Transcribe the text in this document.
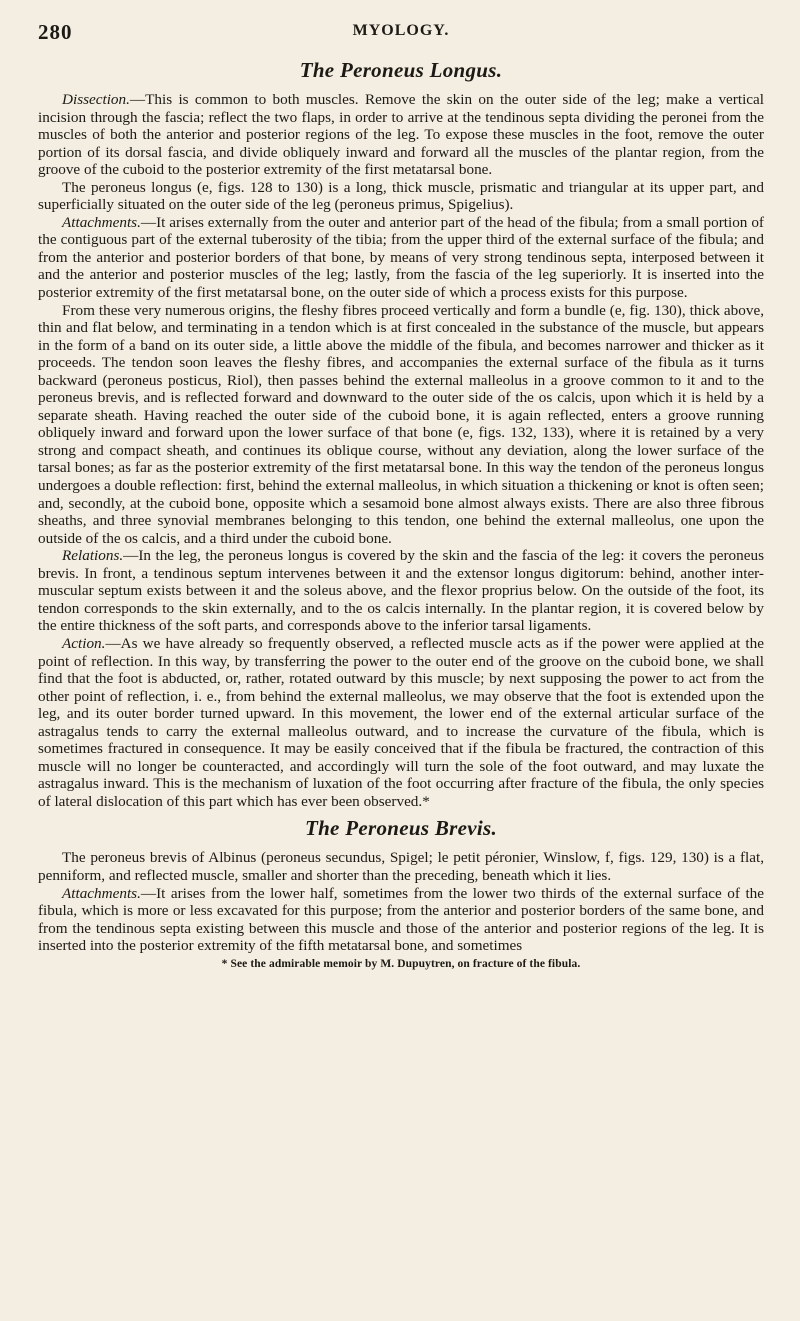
280	MYOLOGY.
The Peroneus Longus.

Dissection.—This is common to both muscles. Remove the skin on the outer side of the leg; make a vertical incision through the fascia; reflect the two flaps, in order to arrive at the tendinous septa dividing the peronei from the muscles of both the anterior and posterior regions of the leg. To expose these muscles in the foot, remove the outer portion of its dorsal fascia, and divide obliquely inward and forward all the muscles of the plantar region, from the groove of the cuboid to the posterior extremity of the first metatarsal bone.

The peroneus longus (e, figs. 128 to 130) is a long, thick muscle, prismatic and triangular at its upper part, and superficially situated on the outer side of the leg (peroneus primus, Spigelius).

Attachments.—It arises externally from the outer and anterior part of the head of the fibula; from a small portion of the contiguous part of the external tuberosity of the tibia; from the upper third of the external surface of the fibula; and from the anterior and posterior borders of that bone, by means of very strong tendinous septa, interposed between it and the anterior and posterior muscles of the leg; lastly, from the fascia of the leg superiorly. It is inserted into the posterior extremity of the first metatarsal bone, on the outer side of which a process exists for this purpose.

From these very numerous origins, the fleshy fibres proceed vertically and form a bundle (e, fig. 130), thick above, thin and flat below, and terminating in a tendon which is at first concealed in the substance of the muscle, but appears in the form of a band on its outer side, a little above the middle of the fibula, and becomes narrower and thicker as it proceeds. The tendon soon leaves the fleshy fibres, and accompanies the external surface of the fibula as it turns backward (peroneus posticus, Riol), then passes behind the external malleolus in a groove common to it and to the peroneus brevis, and is reflected forward and downward to the outer side of the os calcis, upon which it is held by a separate sheath. Having reached the outer side of the cuboid bone, it is again reflected, enters a groove running obliquely inward and forward upon the lower surface of that bone (e, figs. 132, 133), where it is retained by a very strong and compact sheath, and continues its oblique course, without any deviation, along the lower surface of the tarsal bones; as far as the posterior extremity of the first metatarsal bone. In this way the tendon of the peroneus longus undergoes a double reflection: first, behind the external malleolus, in which situation a thickening or knot is often seen; and, secondly, at the cuboid bone, opposite which a sesamoid bone almost always exists. There are also three fibrous sheaths, and three synovial membranes belonging to this tendon, one behind the external malleolus, one upon the outside of the os calcis, and a third under the cuboid bone.

Relations.—In the leg, the peroneus longus is covered by the skin and the fascia of the leg: it covers the peroneus brevis. In front, a tendinous septum intervenes between it and the extensor longus digitorum: behind, another inter-muscular septum exists between it and the soleus above, and the flexor proprius below. On the outside of the foot, its tendon corresponds to the skin externally, and to the os calcis internally. In the plantar region, it is covered below by the entire thickness of the soft parts, and corresponds above to the inferior tarsal ligaments.

Action.—As we have already so frequently observed, a reflected muscle acts as if the power were applied at the point of reflection. In this way, by transferring the power to the outer end of the groove on the cuboid bone, we shall find that the foot is abducted, or, rather, rotated outward by this muscle; by next supposing the power to act from the other point of reflection, i. e., from behind the external malleolus, we may observe that the foot is extended upon the leg, and its outer border turned upward. In this movement, the lower end of the external articular surface of the astragalus tends to carry the external malleolus outward, and to increase the curvature of the fibula, which is sometimes fractured in consequence. It may be easily conceived that if the fibula be fractured, the contraction of this muscle will no longer be counteracted, and accordingly will turn the sole of the foot outward, and may luxate the astragalus inward. This is the mechanism of luxation of the foot occurring after fracture of the fibula, the only species of lateral dislocation of this part which has ever been observed.*

The Peroneus Brevis.

The peroneus brevis of Albinus (peroneus secundus, Spigel; le petit péronier, Winslow, f, figs. 129, 130) is a flat, penniform, and reflected muscle, smaller and shorter than the preceding, beneath which it lies.

Attachments.—It arises from the lower half, sometimes from the lower two thirds of the external surface of the fibula, which is more or less excavated for this purpose; from the anterior and posterior borders of the same bone, and from the tendinous septa existing between this muscle and those of the anterior and posterior regions of the leg. It is inserted into the posterior extremity of the fifth metatarsal bone, and sometimes

* See the admirable memoir by M. Dupuytren, on fracture of the fibula.
